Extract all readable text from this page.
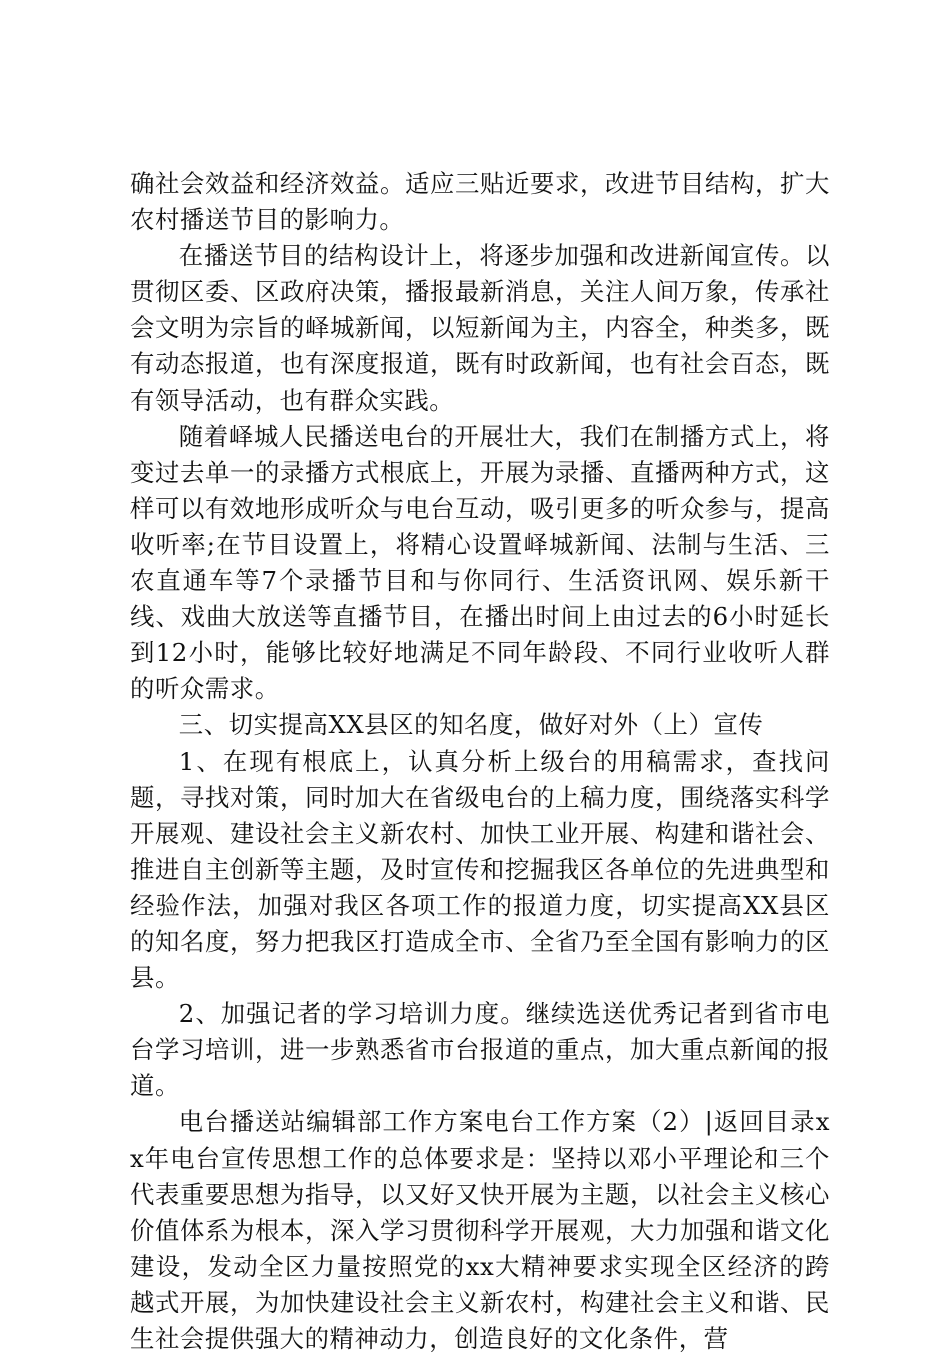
确社会效益和经济效益。适应三贴近要求，改进节目结构，扩大农村播送节目的影响力。

在播送节目的结构设计上，将逐步加强和改进新闻宣传。以贯彻区委、区政府决策，播报最新消息，关注人间万象，传承社会文明为宗旨的峄城新闻，以短新闻为主，内容全，种类多，既有动态报道，也有深度报道，既有时政新闻，也有社会百态，既有领导活动，也有群众实践。

随着峄城人民播送电台的开展壮大，我们在制播方式上，将变过去单一的录播方式根底上，开展为录播、直播两种方式，这样可以有效地形成听众与电台互动，吸引更多的听众参与，提高收听率;在节目设置上，将精心设置峄城新闻、法制与生活、三农直通车等7个录播节目和与你同行、生活资讯网、娱乐新干线、戏曲大放送等直播节目，在播出时间上由过去的6小时延长到12小时，能够比较好地满足不同年龄段、不同行业收听人群的听众需求。

三、切实提高XX县区的知名度，做好对外（上）宣传

1、在现有根底上，认真分析上级台的用稿需求，查找问题，寻找对策，同时加大在省级电台的上稿力度，围绕落实科学开展观、建设社会主义新农村、加快工业开展、构建和谐社会、推进自主创新等主题，及时宣传和挖掘我区各单位的先进典型和经验作法，加强对我区各项工作的报道力度，切实提高XX县区的知名度，努力把我区打造成全市、全省乃至全国有影响力的区县。

2、加强记者的学习培训力度。继续选送优秀记者到省市电台学习培训，进一步熟悉省市台报道的重点，加大重点新闻的报道。

电台播送站编辑部工作方案电台工作方案（2）|返回目录xx年电台宣传思想工作的总体要求是：坚持以邓小平理论和三个代表重要思想为指导，以又好又快开展为主题，以社会主义核心价值体系为根本，深入学习贯彻科学开展观，大力加强和谐文化建设，发动全区力量按照党的xx大精神要求实现全区经济的跨越式开展，为加快建设社会主义新农村，构建社会主义和谐、民生社会提供强大的精神动力，创造良好的文化条件，营
